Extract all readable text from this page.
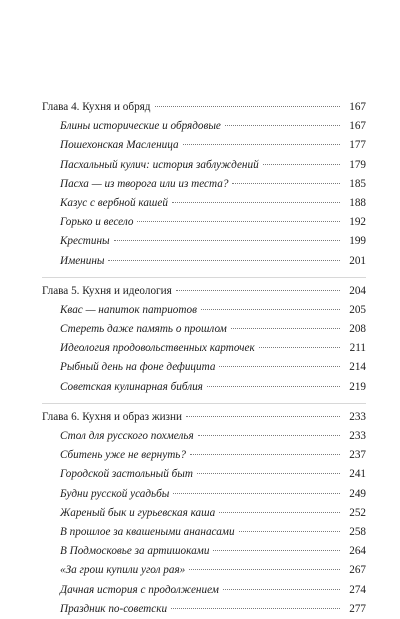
Глава 4. Кухня и обряд	167
Блины исторические и обрядовые	167
Пошехонская Масленица	177
Пасхальный кулич: история заблуждений	179
Пасха — из творога или из теста?	185
Казус с вербной кашей	188
Горько и весело	192
Крестины	199
Именины	201
Глава 5. Кухня и идеология	204
Квас — напиток патриотов	205
Стереть даже память о прошлом	208
Идеология продовольственных карточек	211
Рыбный день на фоне дефицита	214
Советская кулинарная библия	219
Глава 6. Кухня и образ жизни	233
Стол для русского похмелья	233
Сбитень уже не вернуть?	237
Городской застольный быт	241
Будни русской усадьбы	249
Жареный бык и гурьевская каша	252
В прошлое за квашеными ананасами	258
В Подмосковье за артишоками	264
«За грош купили угол рая»	267
Дачная история с продолжением	274
Праздник по-советски	277
